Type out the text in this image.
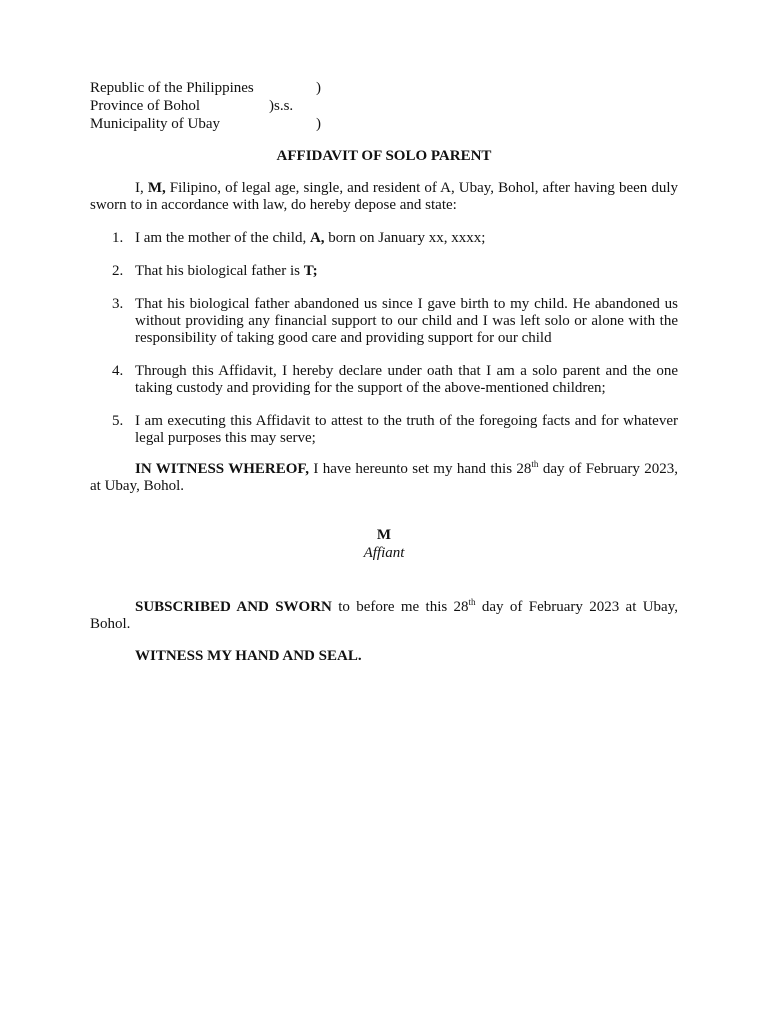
Republic of the Philippines	)
Province of Bohol	)s.s.
Municipality of Ubay	)
AFFIDAVIT OF SOLO PARENT

I, M, Filipino, of legal age, single, and resident of A, Ubay, Bohol, after having been duly sworn to in accordance with law, do hereby depose and state:

1. I am the mother of the child, A, born on January xx, xxxx;
2. That his biological father is T;
3. That his biological father abandoned us since I gave birth to my child. He abandoned us without providing any financial support to our child and I was left solo or alone with the responsibility of taking good care and providing support for our child
4. Through this Affidavit, I hereby declare under oath that I am a solo parent and the one taking custody and providing for the support of the above-mentioned children;
5. I am executing this Affidavit to attest to the truth of the foregoing facts and for whatever legal purposes this may serve;

IN WITNESS WHEREOF, I have hereunto set my hand this 28th day of February 2023, at Ubay, Bohol.

M
Affiant

SUBSCRIBED AND SWORN to before me this 28th day of February 2023 at Ubay, Bohol.

WITNESS MY HAND AND SEAL.
